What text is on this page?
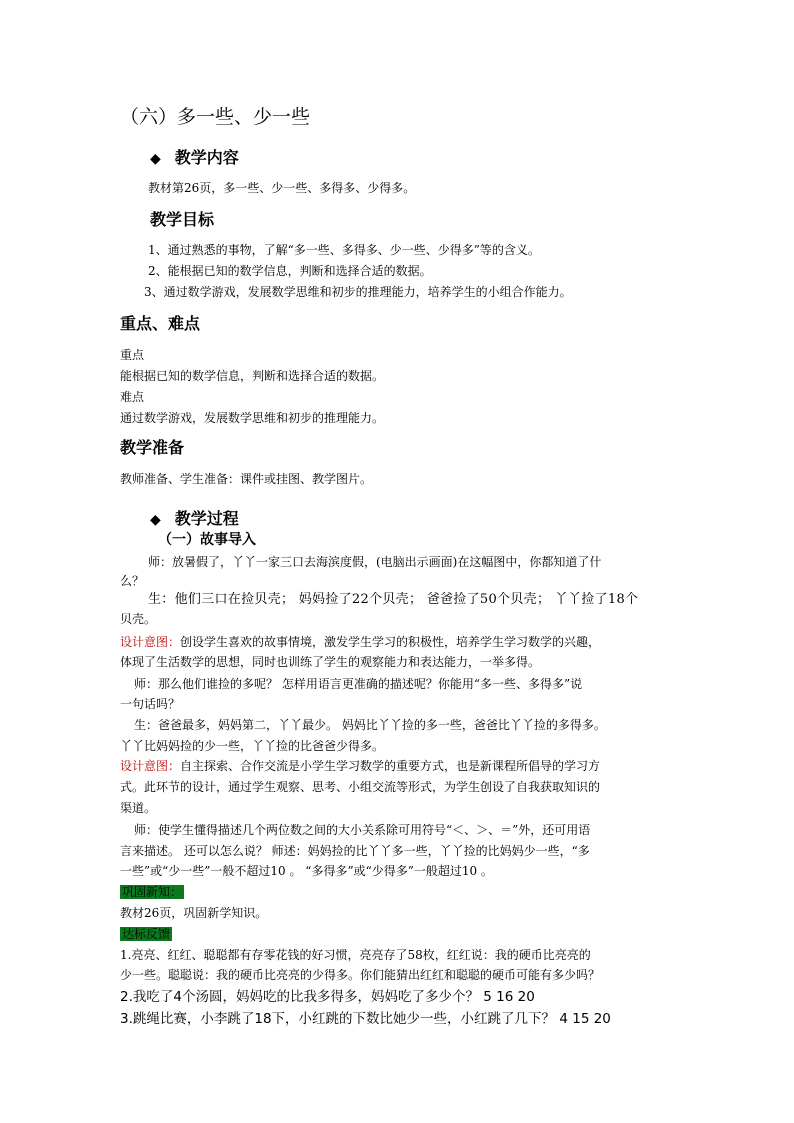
（六）多一些、少一些
◆ 教学内容
教材第26页，多一些、少一些、多得多、少得多。
教学目标
1、通过熟悉的事物，了解“多一些、多得多、少一些、少得多”等的含义。
2、能根据已知的数学信息，判断和选择合适的数据。
3、通过数学游戏，发展数学思维和初步的推理能力，培养学生的小组合作能力。
重点、难点
重点
能根据已知的数学信息，判断和选择合适的数据。
难点
通过数学游戏，发展数学思维和初步的推理能力。
教学准备
教师准备、学生准备：课件或挂图、教学图片。
◆ 教学过程
（一）故事导入
师：放暑假了，丫丫一家三口去海滨度假，(电脑出示画面)在这幅图中，你都知道了什
么？
生：他们三口在捡贝壳； 妈妈捡了22个贝壳； 爸爸捡了50个贝壳； 丫丫捡了18个
贝壳。
设计意图：创设学生喜欢的故事情境，激发学生学习的积极性，培养学生学习数学的兴趣，
体现了生活数学的思想，同时也训练了学生的观察能力和表达能力，一举多得。
师：那么他们谁捡的多呢？ 怎样用语言更准确的描述呢？你能用“多一些、多得多”说
一句话吗？
生：爸爸最多，妈妈第二，丫丫最少。 妈妈比丫丫捡的多一些，爸爸比丫丫捡的多得多。
丫丫比妈妈捡的少一些，丫丫捡的比爸爸少得多。
设计意图：自主探索、合作交流是小学生学习数学的重要方式，也是新课程所倡导的学习方
式。此环节的设计，通过学生观察、思考、小组交流等形式，为学生创设了自我获取知识的
渠道。
师：使学生懂得描述几个两位数之间的大小关系除可用符号“＜、＞、＝”外，还可用语
言来描述。 还可以怎么说？ 师述：妈妈捡的比丫丫多一些，丫丫捡的比妈妈少一些，“多
一些”或“少一些”一般不超过10 。 “多得多”或“少得多”一般超过10 。
巩固新知：
教材26页，巩固新学知识。
达标反馈
1.亮亮、红红、聪聪都有存零花钱的好习惯，亮亮存了58枚，红红说：我的硬币比亮亮的
少一些。聪聪说：我的硬币比亮亮的少得多。你们能猜出红红和聪聪的硬币可能有多少吗？
2.我吃了4个汤圆，妈妈吃的比我多得多，妈妈吃了多少个？ 5 16 20
3.跳绳比赛，小李跳了18下，小红跳的下数比她少一些，小红跳了几下？ 4 15 20
